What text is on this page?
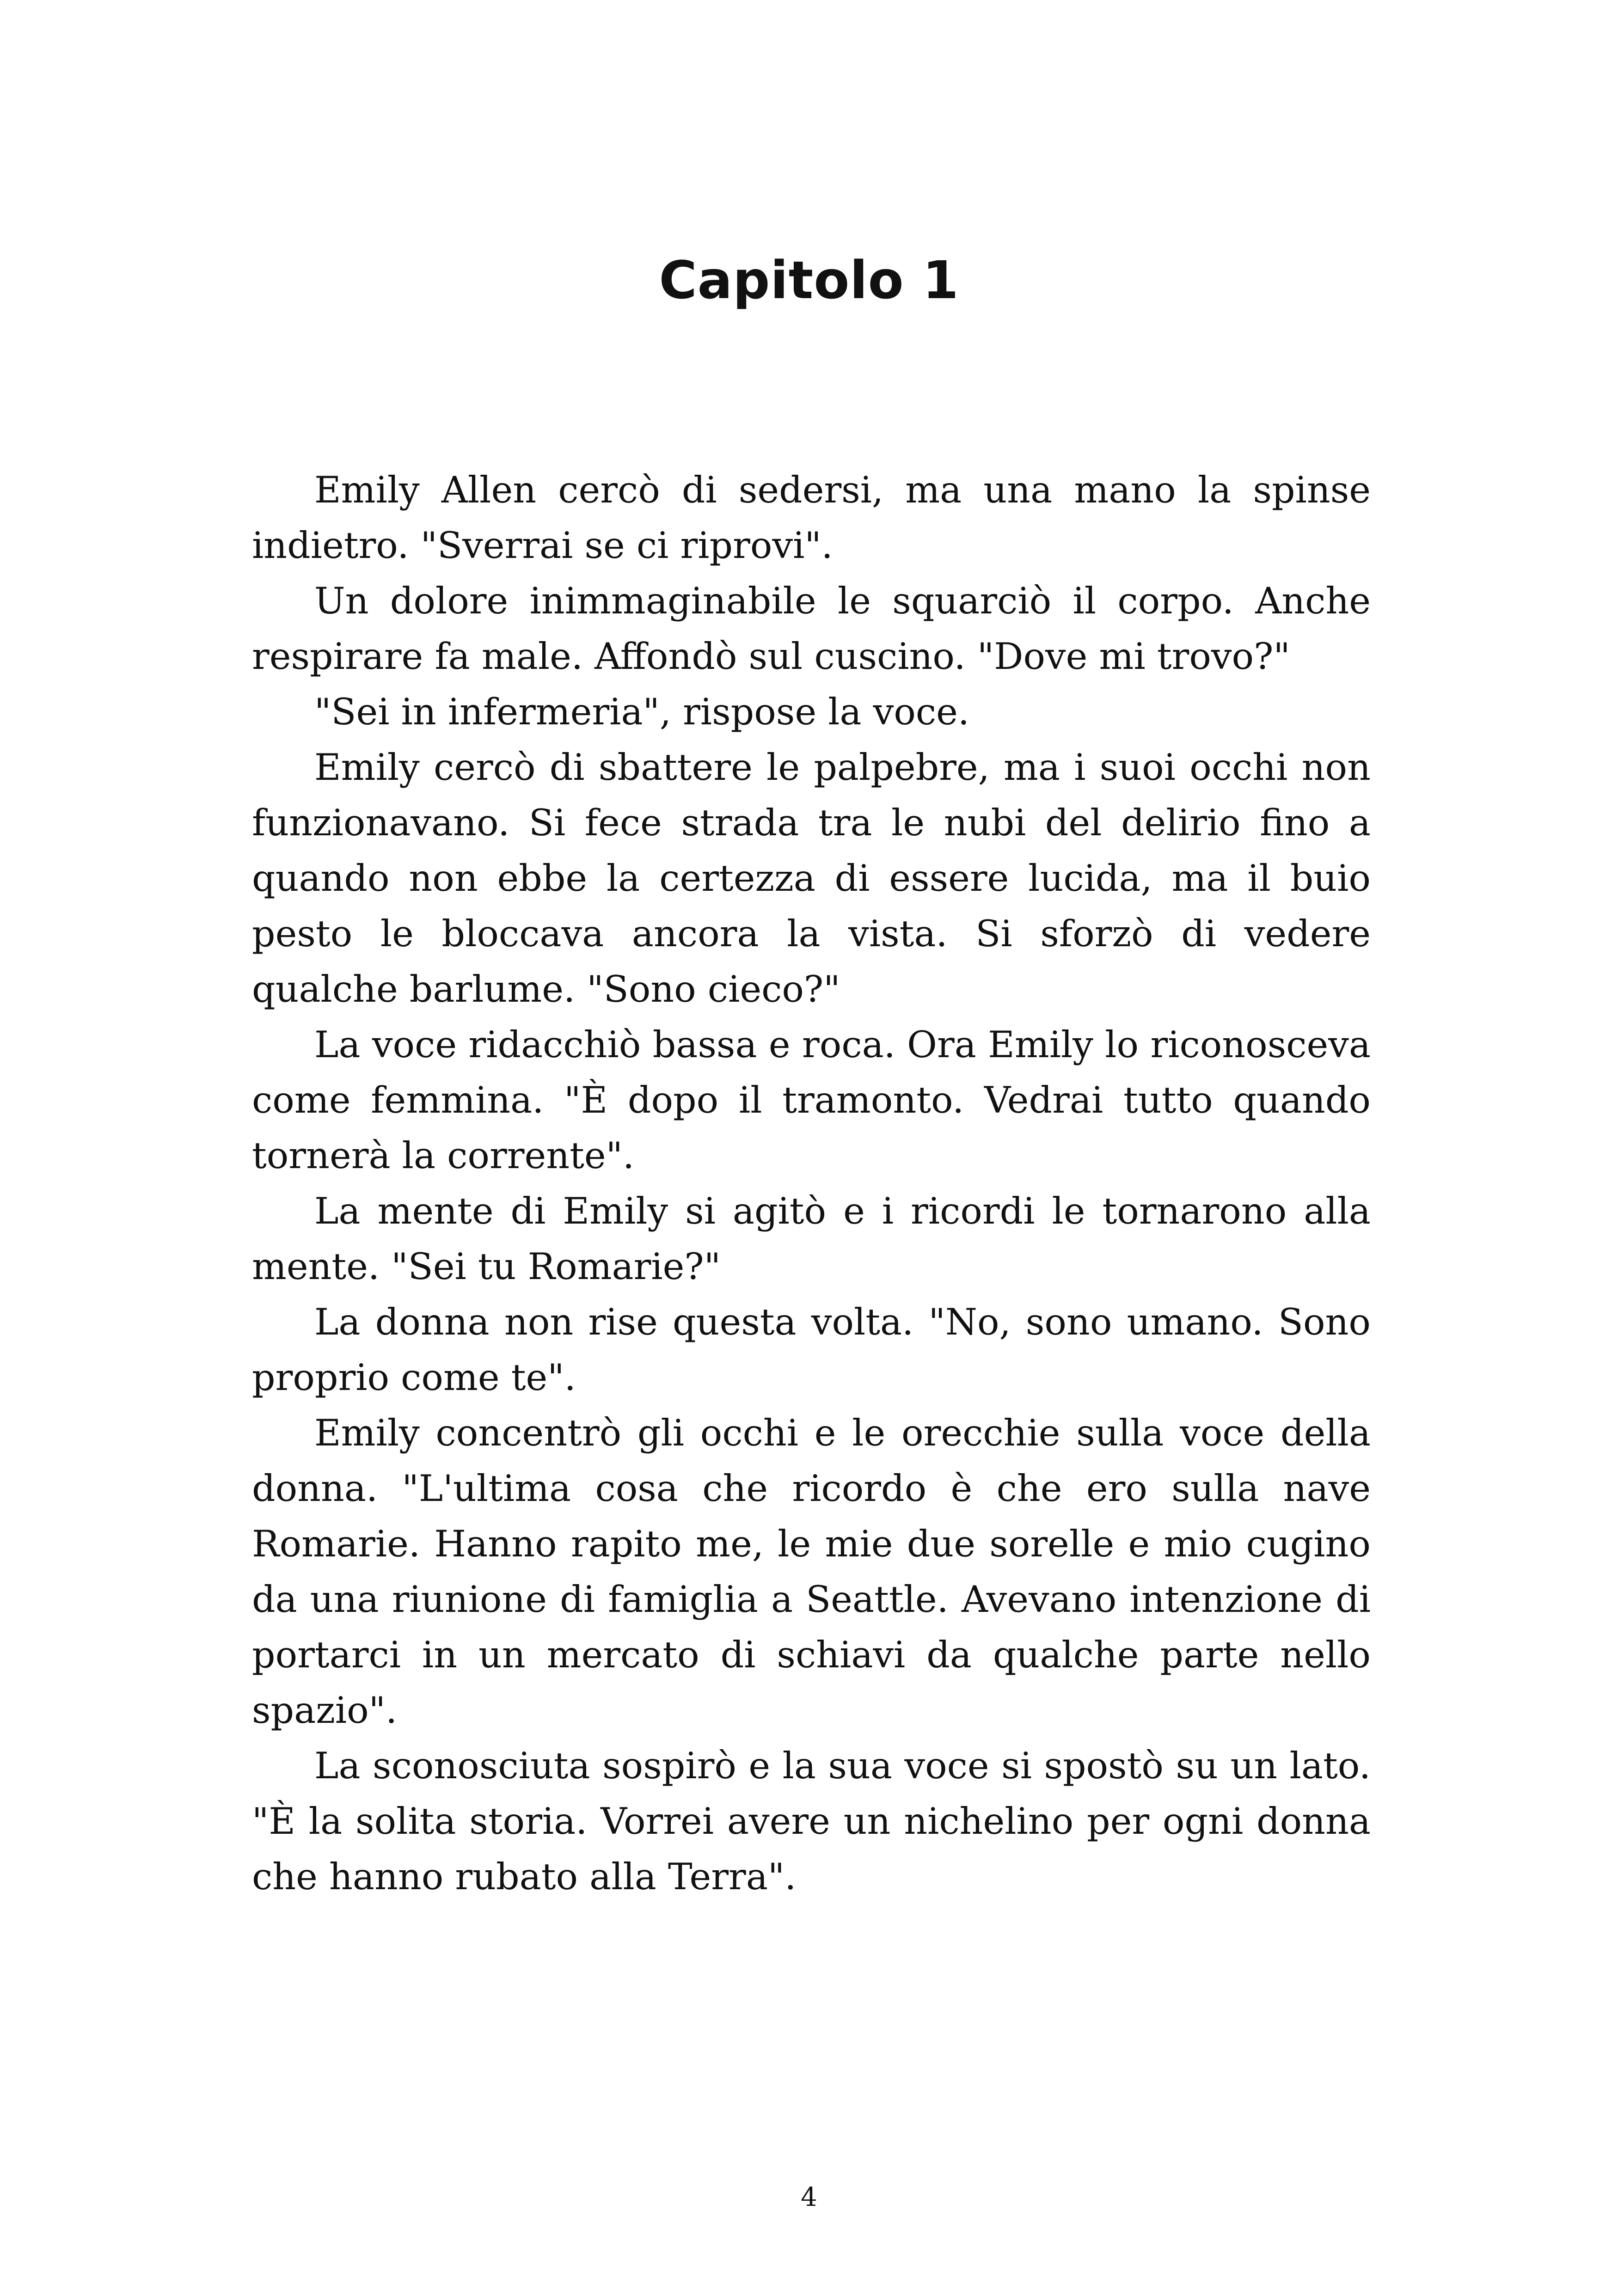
Capitolo 1

Emily Allen cercò di sedersi, ma una mano la spinse indietro. "Sverrai se ci riprovi".

Un dolore inimmaginabile le squarciò il corpo. Anche respirare fa male. Affondò sul cuscino. "Dove mi trovo?"

"Sei in infermeria", rispose la voce.

Emily cercò di sbattere le palpebre, ma i suoi occhi non funzionavano. Si fece strada tra le nubi del delirio fino a quando non ebbe la certezza di essere lucida, ma il buio pesto le bloccava ancora la vista. Si sforzò di vedere qualche barlume. "Sono cieco?"

La voce ridacchiò bassa e roca. Ora Emily lo riconosceva come femmina. "È dopo il tramonto. Vedrai tutto quando tornerà la corrente".

La mente di Emily si agitò e i ricordi le tornarono alla mente. "Sei tu Romarie?"

La donna non rise questa volta. "No, sono umano. Sono proprio come te".

Emily concentrò gli occhi e le orecchie sulla voce della donna. "L'ultima cosa che ricordo è che ero sulla nave Romarie. Hanno rapito me, le mie due sorelle e mio cugino da una riunione di famiglia a Seattle. Avevano intenzione di portarci in un mercato di schiavi da qualche parte nello spazio".

La sconosciuta sospirò e la sua voce si spostò su un lato. "È la solita storia. Vorrei avere un nichelino per ogni donna che hanno rubato alla Terra".

4
